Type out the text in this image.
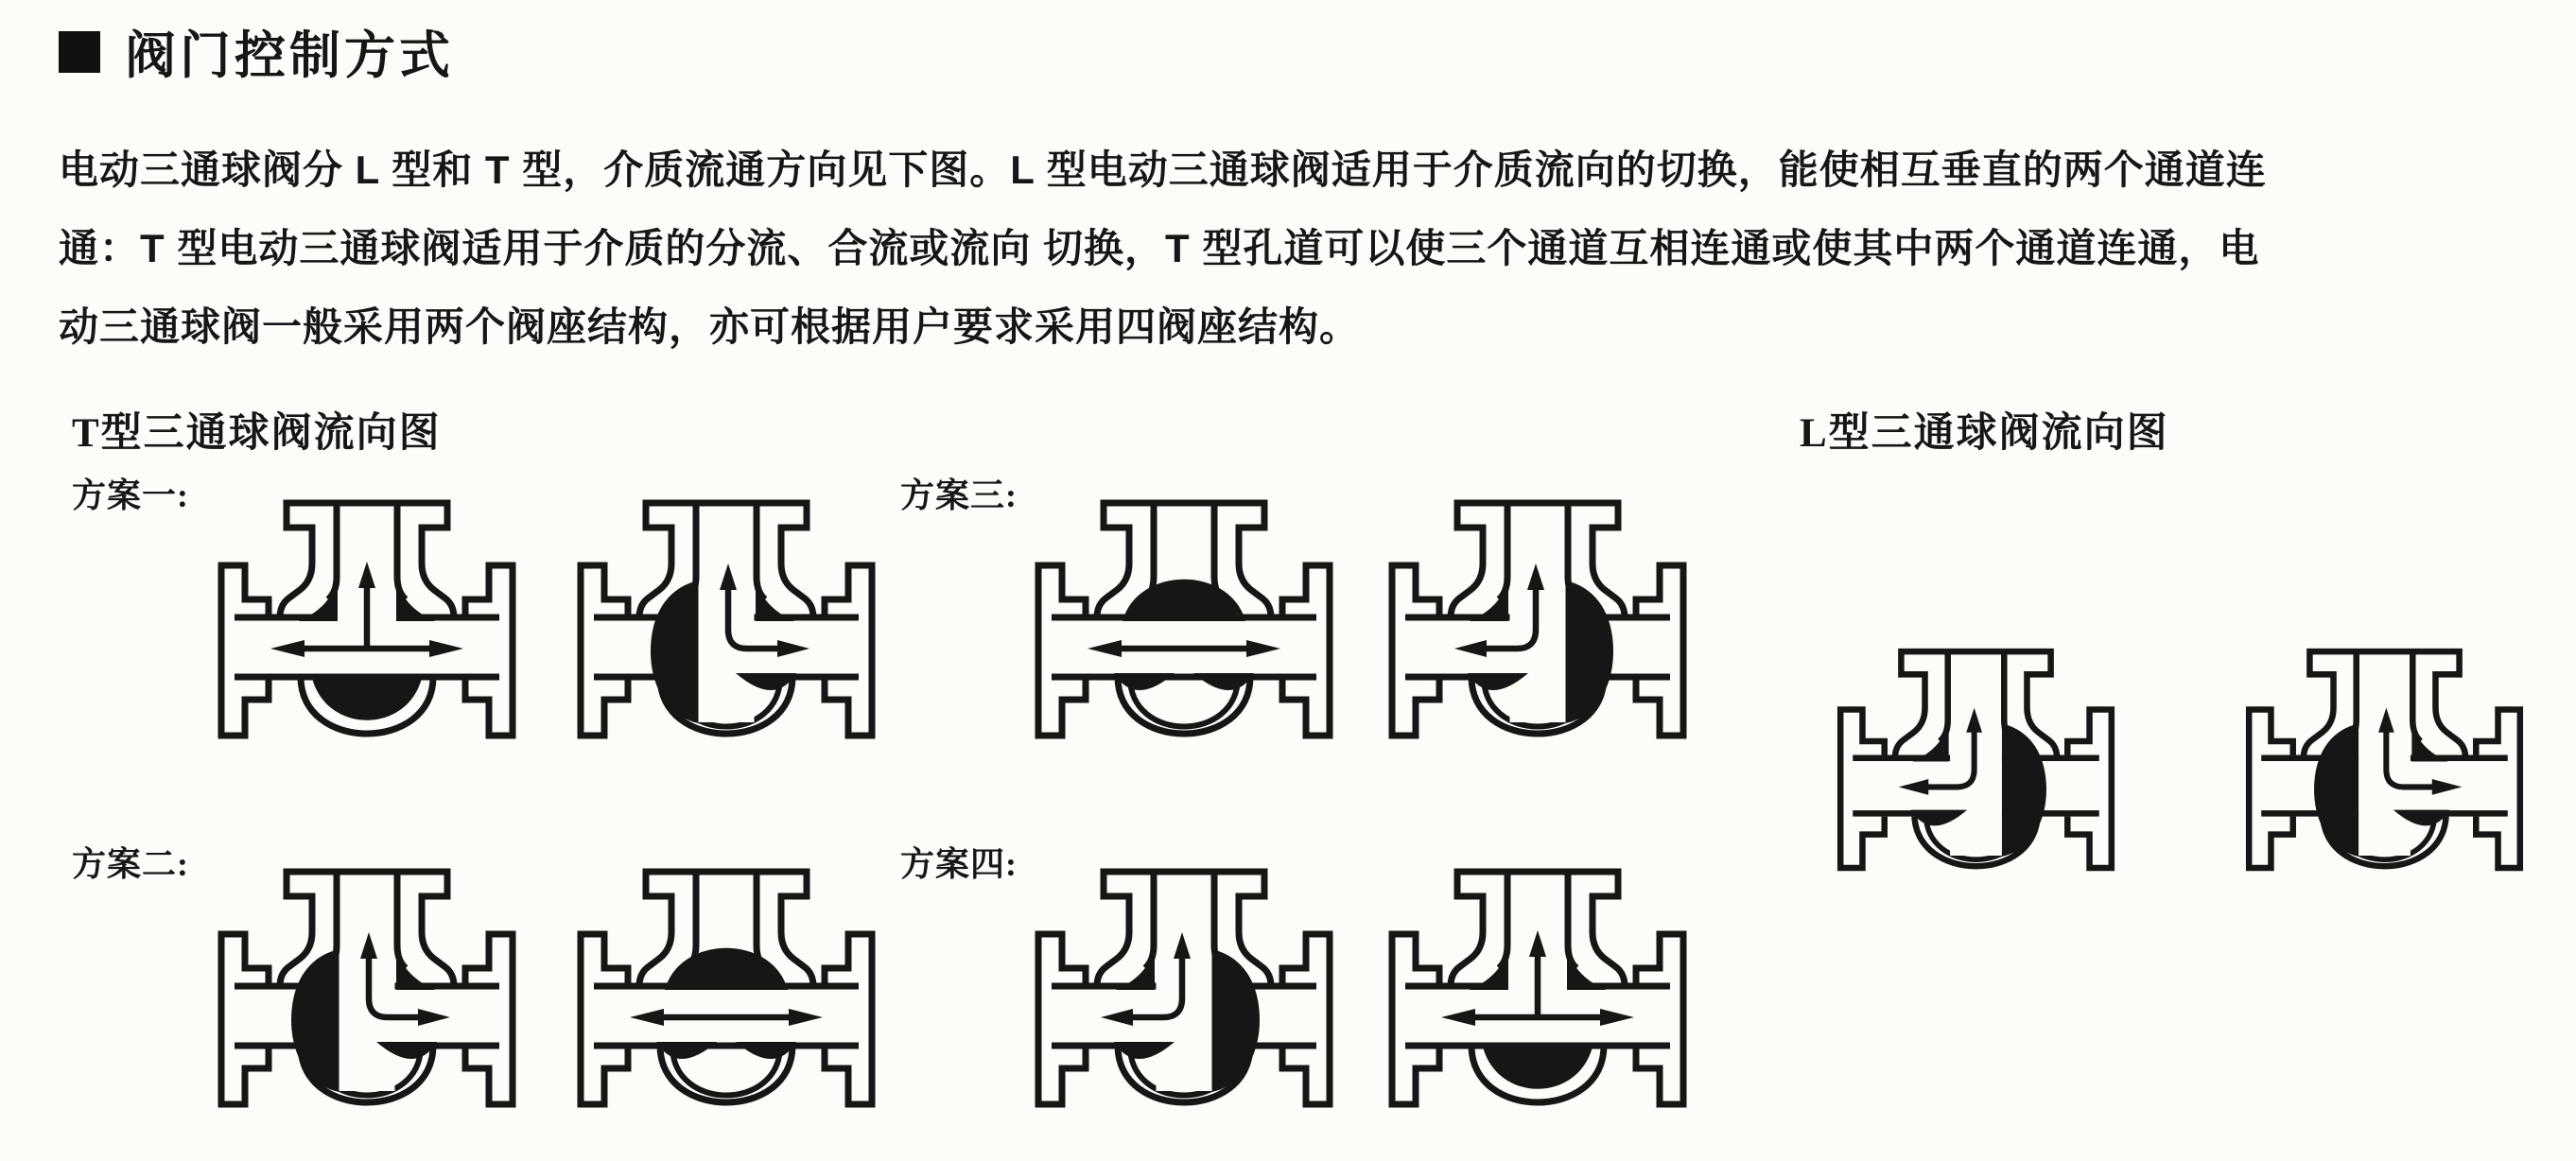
阀门控制方式
电动三通球阀分 L 型和 T 型，介质流通方向见下图。L 型电动三通球阀适用于介质流向的切换，能使相互垂直的两个通道连
通：T 型电动三通球阀适用于介质的分流、合流或流向 切换，T 型孔道可以使三个通道互相连通或使其中两个通道连通，电
动三通球阀一般采用两个阀座结构，亦可根据用户要求采用四阀座结构。
T型三通球阀流向图	L型三通球阀流向图
方案一:
方案二:
方案三:
方案四:
